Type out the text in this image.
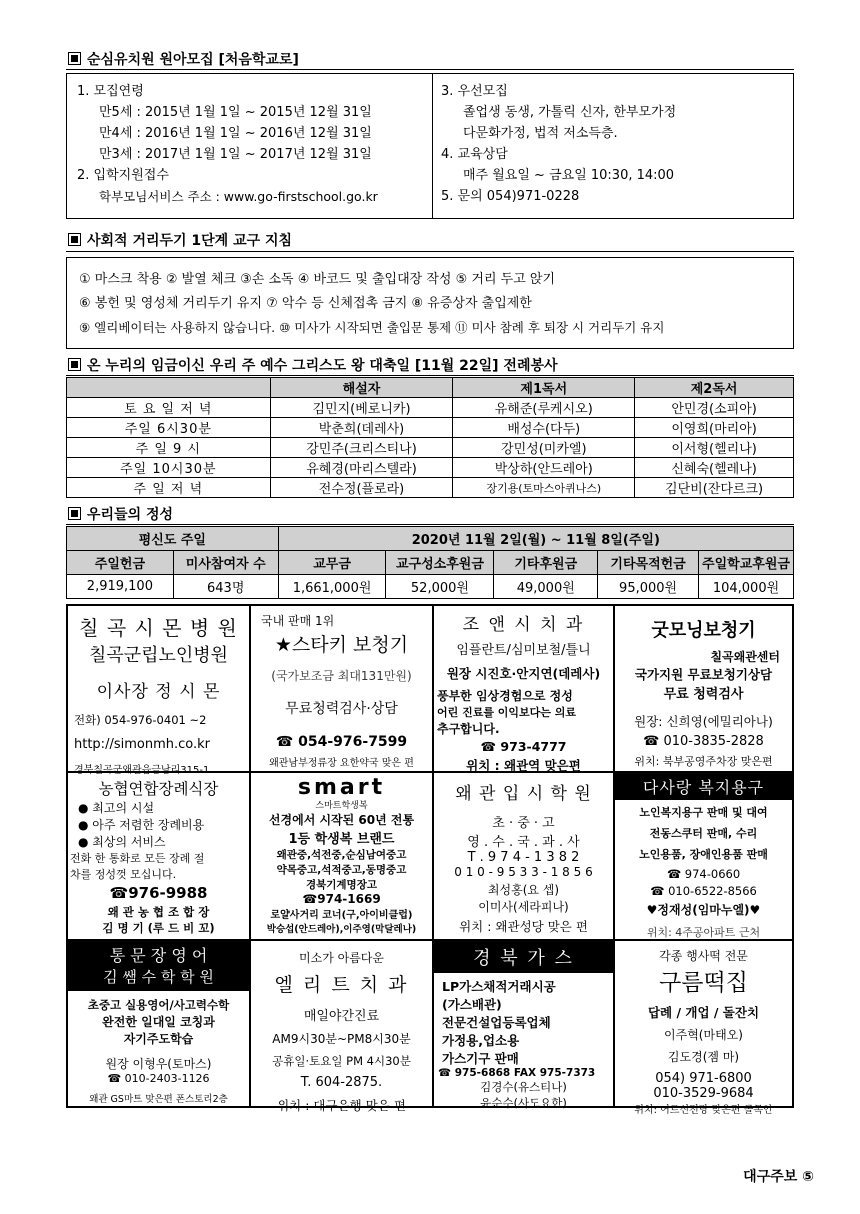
순심유치원 원아모집 [처음학교로]
1. 모집연령
만5세 : 2015년 1월 1일 ~ 2015년 12월 31일
만4세 : 2016년 1월 1일 ~ 2016년 12월 31일
만3세 : 2017년 1월 1일 ~ 2017년 12월 31일
2. 입학지원접수
학부모님서비스 주소 : www.go-firstschool.go.kr
3. 우선모집
졸업생 동생, 가톨릭 신자, 한부모가정
다문화가정, 법적 저소득층.
4. 교육상담
매주 월요일 ~ 금요일 10:30, 14:00
5. 문의 054)971-0228
사회적 거리두기 1단계 교구 지침
① 마스크 착용 ② 발열 체크 ③손 소독 ④ 바코드 및 출입대장 작성 ⑤ 거리 두고 앉기
⑥ 봉헌 및 영성체 거리두기 유지 ⑦ 악수 등 신체접촉 금지 ⑧ 유증상자 출입제한
⑨ 엘리베이터는 사용하지 않습니다. ⑩ 미사가 시작되면 출입문 통제 ⑪ 미사 참례 후 퇴장 시 거리두기 유지
온 누리의 임금이신 우리 주 예수 그리스도 왕 대축일 [11월 22일] 전례봉사
	해설자	제1독서	제2독서
토 요 일 저 녁	김민지(베로니카)	유해준(루케시오)	안민경(소피아)
주일 6시30분	박춘희(데레사)	배성수(다두)	이영희(마리아)
주 일 9 시	강민주(크리스티나)	강민성(미카엘)	이서형(헬리나)
주일 10시30분	유혜경(마리스텔라)	박상하(안드레아)	신혜숙(헬레나)
주 일 저 녁	전수정(플로라)	장기용(토마스아퀴나스)	김단비(잔다르크)
우리들의 정성
평신도 주일		2020년 11월 2일(월) ~ 11월 8일(주일)				
주일헌금	미사참여자 수	교무금	교구성소후원금	기타후원금	기타목적헌금	주일학교후원금
2,919,100	643명	1,661,000원	52,000원	49,000원	95,000원	104,000원
칠 곡 시 몬 병 원
칠곡군립노인병원
이사장 정 시 몬
전화) 054-976-0401 ~2
http://simonmh.co.kr
경북칠곡군왜관읍금남리315-1
국내 판매 1위
★스타키 보청기
(국가보조금 최대131만원)
무료청력검사·상담
☎ 054-976-7599
왜관남부정류장 요한약국 맞은 편
조 앤 시 치 과
임플란트/심미보철/틀니
원장 시진호·안지연(데레사)
풍부한 임상경험으로 정성
어린 진료를 이익보다는 의료
추구합니다.
☎ 973-4777
위치 : 왜관역 맞은편
굿모닝보청기
칠곡왜관센터
국가지원 무료보청기상담
무료 청력검사
원장: 신희영(에밀리아나)
☎ 010-3835-2828
위치: 북부공영주차장 맞은편
농협연합장례식장
● 최고의 시설
● 아주 저렴한 장례비용
● 최상의 서비스
전화 한 통화로 모든 장례 절
차를 정성껏 모십니다.
☎976-9988
왜 관 농 협 조 합 장
김 명 기 (루 드 비 꼬)
smart
스마트학생복
선경에서 시작된 60년 전통
1등 학생복 브랜드
왜관중,석전중,순심남여중고
약목중고,석적중고,동명중고
경북기계명장고
☎974-1669
로얄사거리 코너(구,아이비클럽)
박승섭(안드레아),이주영(막달레나)
왜 관 입 시 학 원
초 · 중 · 고
영 . 수 . 국 . 과 . 사
T . 9 7 4 - 1 3 8 2
0 1 0 - 9 5 3 3 - 1 8 5 6
최성홍(요 셉)
이미사(세라피나)
위치 : 왜관성당 맞은 편
다사랑 복지용구
노인복지용구 판매 및 대여
전동스쿠터 판매, 수리
노인용품, 장애인용품 판매
☎ 974-0660
☎ 010-6522-8566
♥정재성(임마누엘)♥
위치: 4주공아파트 근처
통 문 장 영 어
김 쌤 수 학 학 원
초중고 실용영어/사고력수학
완전한 일대일 코칭과
자기주도학습
원장 이형우(토마스)
☎ 010-2403-1126
왜관 GS마트 맞은편 폰스토리2층
미소가 아름다운
엘 리 트 치 과
매일야간진료
AM9시30분~PM8시30분
공휴일·토요일 PM 4시30분
T. 604-2875.
위치 : 대구은행 맞은 편
경 북 가 스
LP가스채적거래시공
(가스배관)
전문건설업등록업체
가정용,업소용
가스기구 판매
☎ 975-6868 FAX 975-7373
김경수(유스티나)
윤순수(사도요한)
각종 행사떡 전문
구름떡집
답례 / 개업 / 돌잔치
이주혁(마태오)
김도경(젬 마)
054) 971-6800
010-3529-9684
위치: 어르신전당 맞은편 골목안
대구주보 ⑤
